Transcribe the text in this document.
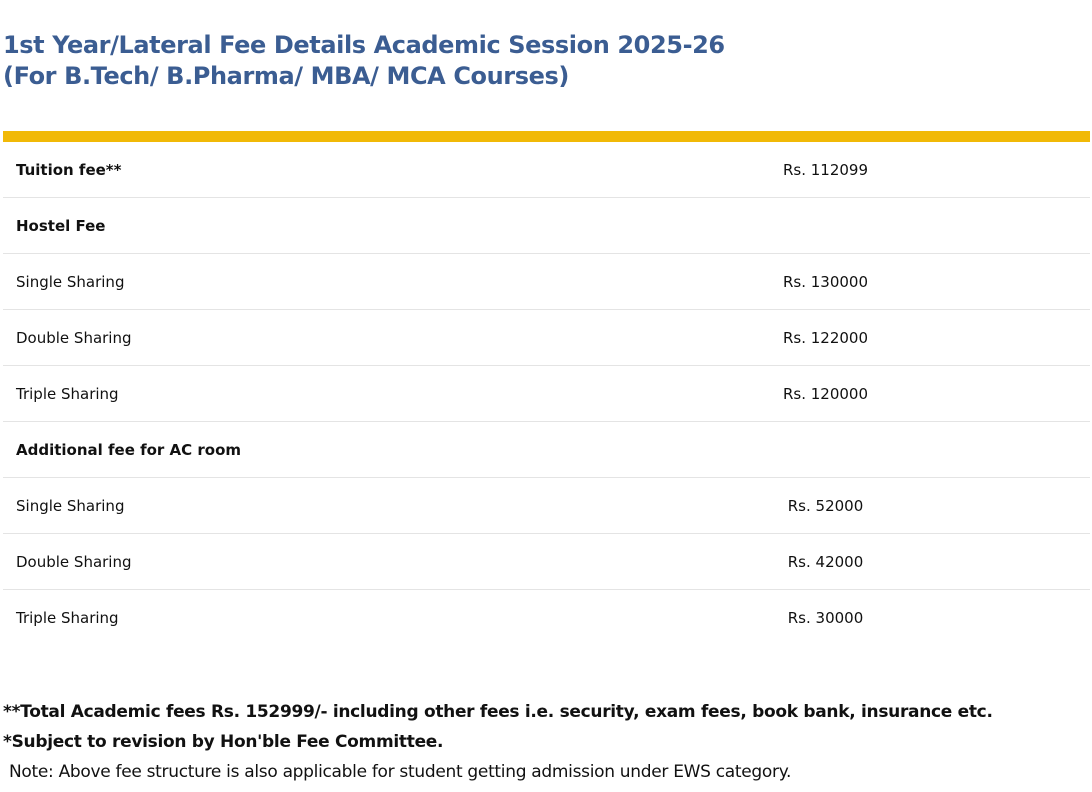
1st Year/Lateral Fee Details Academic Session 2025-26
(For B.Tech/ B.Pharma/ MBA/ MCA Courses)
Tuition fee**	Rs. 112099	
Hostel Fee		
Single Sharing	Rs. 130000	
Double Sharing	Rs. 122000	
Triple Sharing	Rs. 120000	
Additional fee for AC room		
Single Sharing	Rs. 52000	
Double Sharing	Rs. 42000	
Triple Sharing	Rs. 30000	
**Total Academic fees Rs. 152999/- including other fees i.e. security, exam fees, book bank, insurance etc.
*Subject to revision by Hon'ble Fee Committee.
Note: Above fee structure is also applicable for student getting admission under EWS category.
